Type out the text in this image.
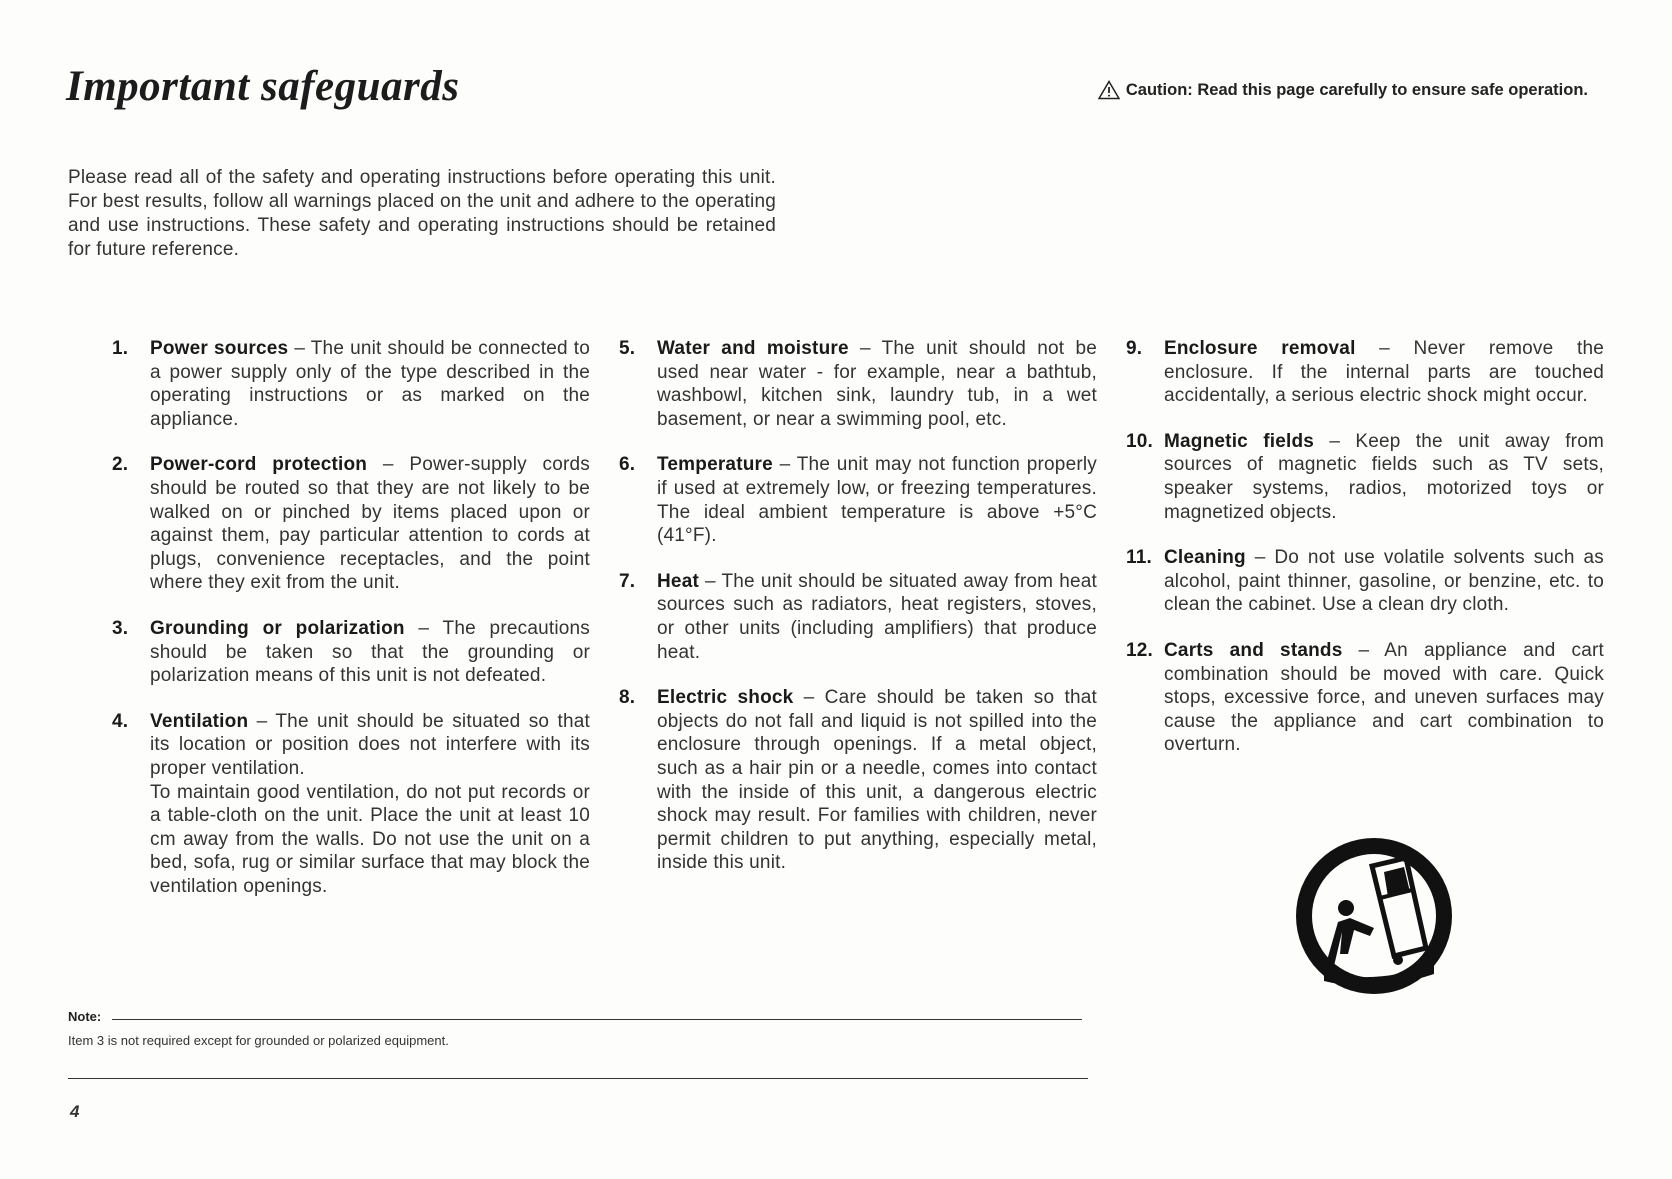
Important safeguards	Caution: Read this page carefully to ensure safe operation.

Please read all of the safety and operating instructions before operating this unit. For best results, follow all warnings placed on the unit and adhere to the operating and use instructions. These safety and operating instructions should be retained for future reference.

1. Power sources – The unit should be connected to a power supply only of the type described in the operating instructions or as marked on the appliance.

2. Power-cord protection – Power-supply cords should be routed so that they are not likely to be walked on or pinched by items placed upon or against them, pay particular attention to cords at plugs, convenience receptacles, and the point where they exit from the unit.

3. Grounding or polarization – The precautions should be taken so that the grounding or polarization means of this unit is not defeated.

4. Ventilation – The unit should be situated so that its location or position does not interfere with its proper ventilation.

To maintain good ventilation, do not put records or a table-cloth on the unit. Place the unit at least 10 cm away from the walls. Do not use the unit on a bed, sofa, rug or similar surface that may block the ventilation openings.

5. Water and moisture – The unit should not be used near water - for example, near a bathtub, washbowl, kitchen sink, laundry tub, in a wet basement, or near a swimming pool, etc.

6. Temperature – The unit may not function properly if used at extremely low, or freezing temperatures. The ideal ambient temperature is above +5°C (41°F).

7. Heat – The unit should be situated away from heat sources such as radiators, heat registers, stoves, or other units (including amplifiers) that produce heat.

8. Electric shock – Care should be taken so that objects do not fall and liquid is not spilled into the enclosure through openings. If a metal object, such as a hair pin or a needle, comes into contact with the inside of this unit, a dangerous electric shock may result. For families with children, never permit children to put anything, especially metal, inside this unit.

9. Enclosure removal – Never remove the enclosure. If the internal parts are touched accidentally, a serious electric shock might occur.

10. Magnetic fields – Keep the unit away from sources of magnetic fields such as TV sets, speaker systems, radios, motorized toys or magnetized objects.

11. Cleaning – Do not use volatile solvents such as alcohol, paint thinner, gasoline, or benzine, etc. to clean the cabinet. Use a clean dry cloth.

12. Carts and stands – An appliance and cart combination should be moved with care. Quick stops, excessive force, and uneven surfaces may cause the appliance and cart combination to overturn.

Note:
Item 3 is not required except for grounded or polarized equipment.
4
